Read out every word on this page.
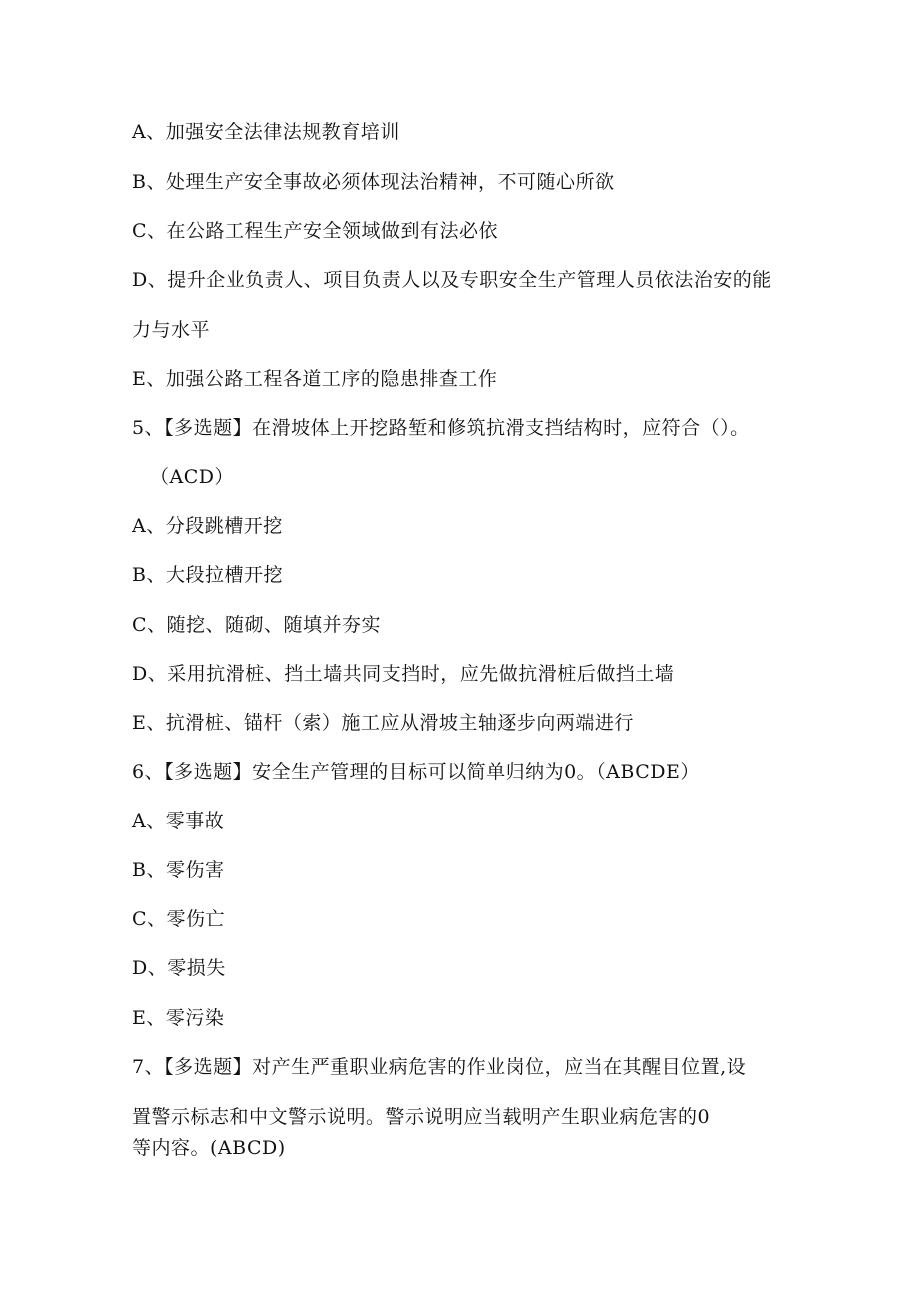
A、加强安全法律法规教育培训
B、处理生产安全事故必须体现法治精神，不可随心所欲
C、在公路工程生产安全领域做到有法必依
D、提升企业负责人、项目负责人以及专职安全生产管理人员依法治安的能
力与水平
E、加强公路工程各道工序的隐患排查工作
5、【多选题】在滑坡体上开挖路堑和修筑抗滑支挡结构时，应符合（）。
（ACD）
A、分段跳槽开挖
B、大段拉槽开挖
C、随挖、随砌、随填并夯实
D、采用抗滑桩、挡土墙共同支挡时，应先做抗滑桩后做挡土墙
E、抗滑桩、锚杆（索）施工应从滑坡主轴逐步向两端进行
6、【多选题】安全生产管理的目标可以简单归纳为0。（ABCDE）
A、零事故
B、零伤害
C、零伤亡
D、零损失
E、零污染
7、【多选题】对产生严重职业病危害的作业岗位，应当在其醒目位置,设
置警示标志和中文警示说明。警示说明应当载明产生职业病危害的0
等内容。(ABCD)
